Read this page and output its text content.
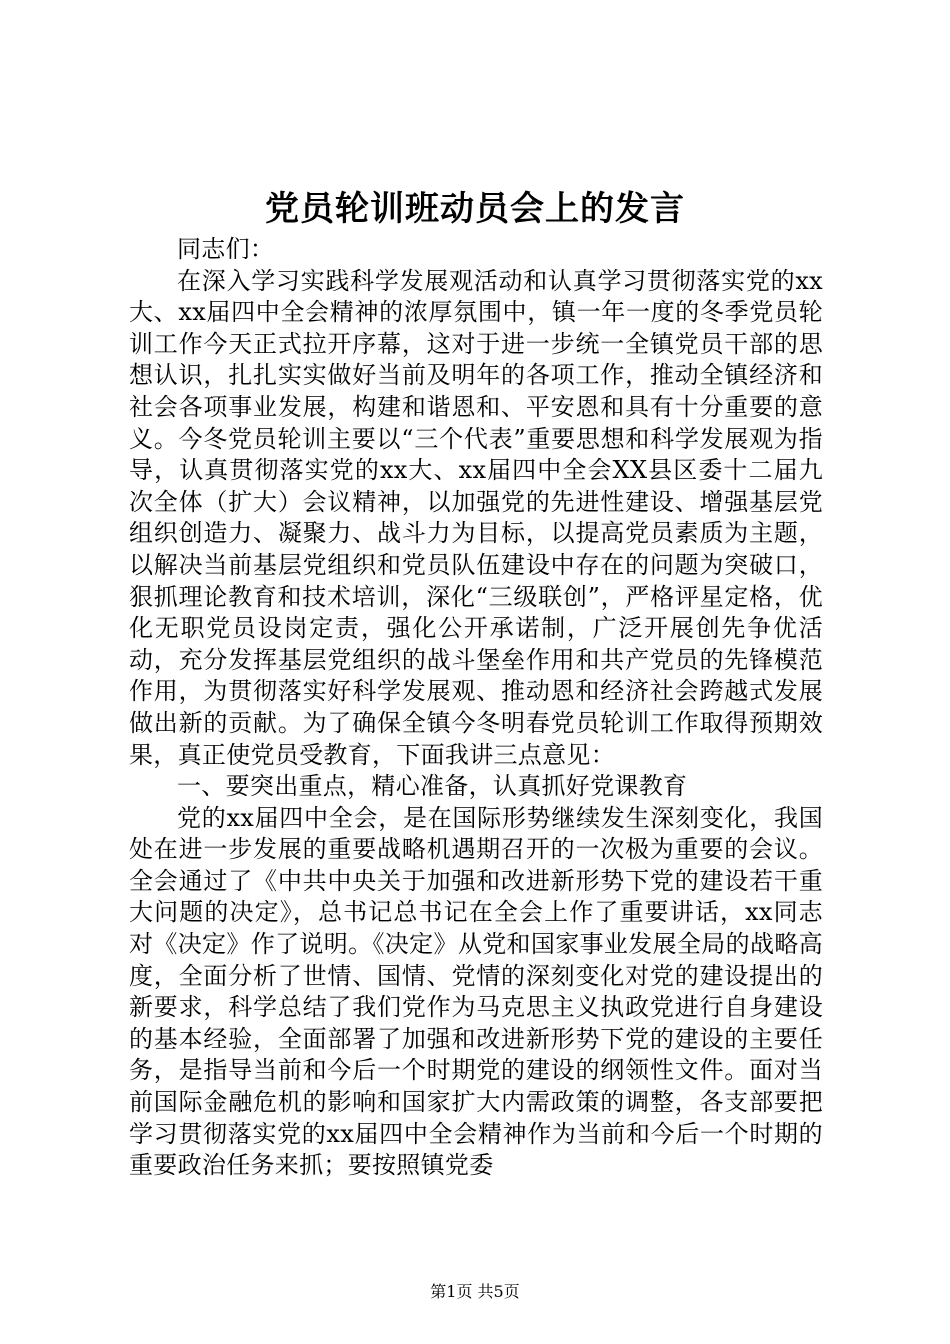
党员轮训班动员会上的发言

同志们：

在深入学习实践科学发展观活动和认真学习贯彻落实党的xx大、xx届四中全会精神的浓厚氛围中，镇一年一度的冬季党员轮训工作今天正式拉开序幕，这对于进一步统一全镇党员干部的思想认识，扎扎实实做好当前及明年的各项工作，推动全镇经济和社会各项事业发展，构建和谐恩和、平安恩和具有十分重要的意义。今冬党员轮训主要以“三个代表”重要思想和科学发展观为指导，认真贯彻落实党的xx大、xx届四中全会XX县区委十二届九次全体（扩大）会议精神，以加强党的先进性建设、增强基层党组织创造力、凝聚力、战斗力为目标，以提高党员素质为主题，以解决当前基层党组织和党员队伍建设中存在的问题为突破口，狠抓理论教育和技术培训，深化“三级联创”，严格评星定格，优化无职党员设岗定责，强化公开承诺制，广泛开展创先争优活动，充分发挥基层党组织的战斗堡垒作用和共产党员的先锋模范作用，为贯彻落实好科学发展观、推动恩和经济社会跨越式发展做出新的贡献。为了确保全镇今冬明春党员轮训工作取得预期效果，真正使党员受教育，下面我讲三点意见：

一、要突出重点，精心准备，认真抓好党课教育

党的xx届四中全会，是在国际形势继续发生深刻变化，我国处在进一步发展的重要战略机遇期召开的一次极为重要的会议。全会通过了《中共中央关于加强和改进新形势下党的建设若干重大问题的决定》，总书记总书记在全会上作了重要讲话，xx同志对《决定》作了说明。《决定》从党和国家事业发展全局的战略高度，全面分析了世情、国情、党情的深刻变化对党的建设提出的新要求，科学总结了我们党作为马克思主义执政党进行自身建设的基本经验，全面部署了加强和改进新形势下党的建设的主要任务，是指导当前和今后一个时期党的建设的纲领性文件。面对当前国际金融危机的影响和国家扩大内需政策的调整，各支部要把学习贯彻落实党的xx届四中全会精神作为当前和今后一个时期的重要政治任务来抓；要按照镇党委

第1页 共5页
